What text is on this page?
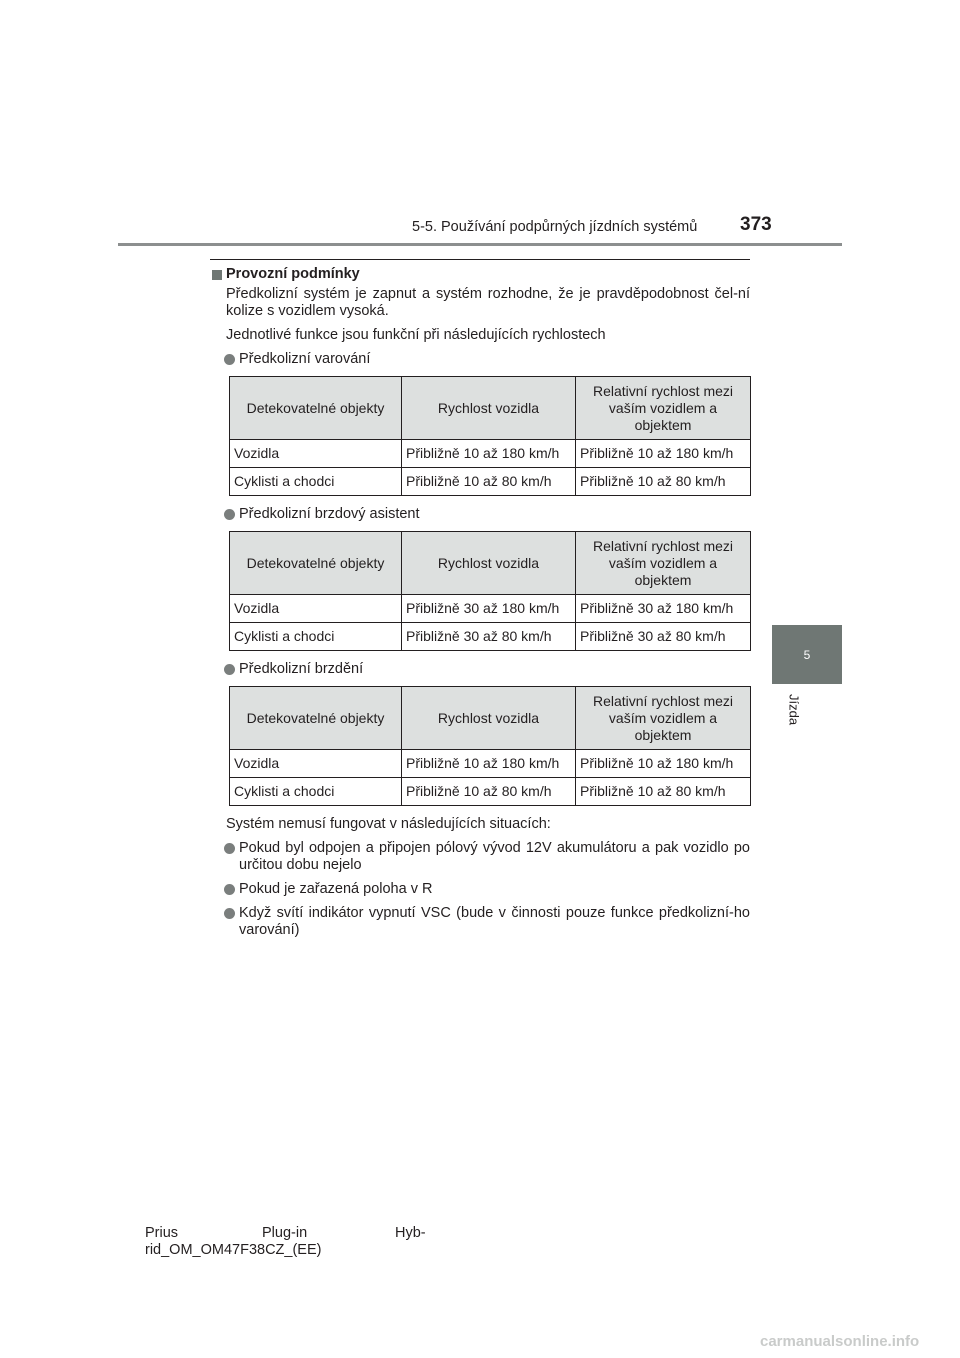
5-5. Používání podpůrných jízdních systémů 373
5
Jízda
Provozní podmínky

Předkolizní systém je zapnut a systém rozhodne, že je pravděpodobnost čel-ní kolize s vozidlem vysoká.

Jednotlivé funkce jsou funkční při následujících rychlostech

Předkolizní varování
Detekovatelné objekty	Rychlost vozidla	Relativní rychlost mezi vaším vozidlem a objektem
Vozidla	Přibližně 10 až 180 km/h	Přibližně 10 až 180 km/h
Cyklisti a chodci	Přibližně 10 až 80 km/h	Přibližně 10 až 80 km/h
Předkolizní brzdový asistent
Detekovatelné objekty	Rychlost vozidla	Relativní rychlost mezi vaším vozidlem a objektem
Vozidla	Přibližně 30 až 180 km/h	Přibližně 30 až 180 km/h
Cyklisti a chodci	Přibližně 30 až 80 km/h	Přibližně 30 až 80 km/h
Předkolizní brzdění
Detekovatelné objekty	Rychlost vozidla	Relativní rychlost mezi vaším vozidlem a objektem
Vozidla	Přibližně 10 až 180 km/h	Přibližně 10 až 180 km/h
Cyklisti a chodci	Přibližně 10 až 80 km/h	Přibližně 10 až 80 km/h

Systém nemusí fungovat v následujících situacích:

Pokud byl odpojen a připojen pólový vývod 12V akumulátoru a pak vozidlo po určitou dobu nejelo
Pokud je zařazená poloha v R
Když svítí indikátor vypnutí VSC (bude v činnosti pouze funkce předkolizní-ho varování)
Prius	Plug-in	Hyb-
rid_OM_OM47F38CZ_(EE)
carmanualsonline.info
